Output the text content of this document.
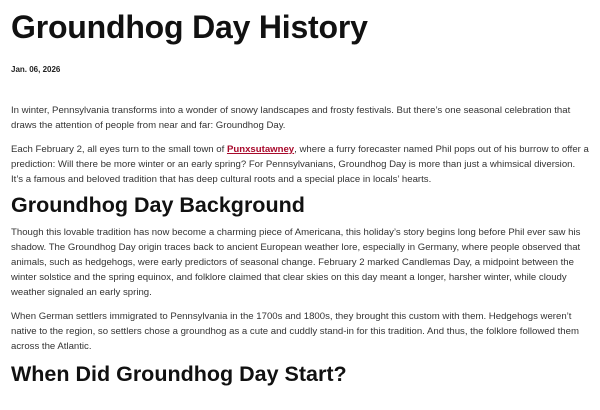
Groundhog Day History

Jan. 06, 2026

In winter, Pennsylvania transforms into a wonder of snowy landscapes and frosty festivals. But there’s one seasonal celebration that draws the attention of people from near and far: Groundhog Day.

Each February 2, all eyes turn to the small town of Punxsutawney, where a furry forecaster named Phil pops out of his burrow to offer a prediction: Will there be more winter or an early spring? For Pennsylvanians, Groundhog Day is more than just a whimsical diversion. It’s a famous and beloved tradition that has deep cultural roots and a special place in locals’ hearts.

Groundhog Day Background

Though this lovable tradition has now become a charming piece of Americana, this holiday’s story begins long before Phil ever saw his shadow. The Groundhog Day origin traces back to ancient European weather lore, especially in Germany, where people observed that animals, such as hedgehogs, were early predictors of seasonal change. February 2 marked Candlemas Day, a midpoint between the winter solstice and the spring equinox, and folklore claimed that clear skies on this day meant a longer, harsher winter, while cloudy weather signaled an early spring.

When German settlers immigrated to Pennsylvania in the 1700s and 1800s, they brought this custom with them. Hedgehogs weren’t native to the region, so settlers chose a groundhog as a cute and cuddly stand-in for this tradition. And thus, the folklore followed them across the Atlantic.

When Did Groundhog Day Start?
